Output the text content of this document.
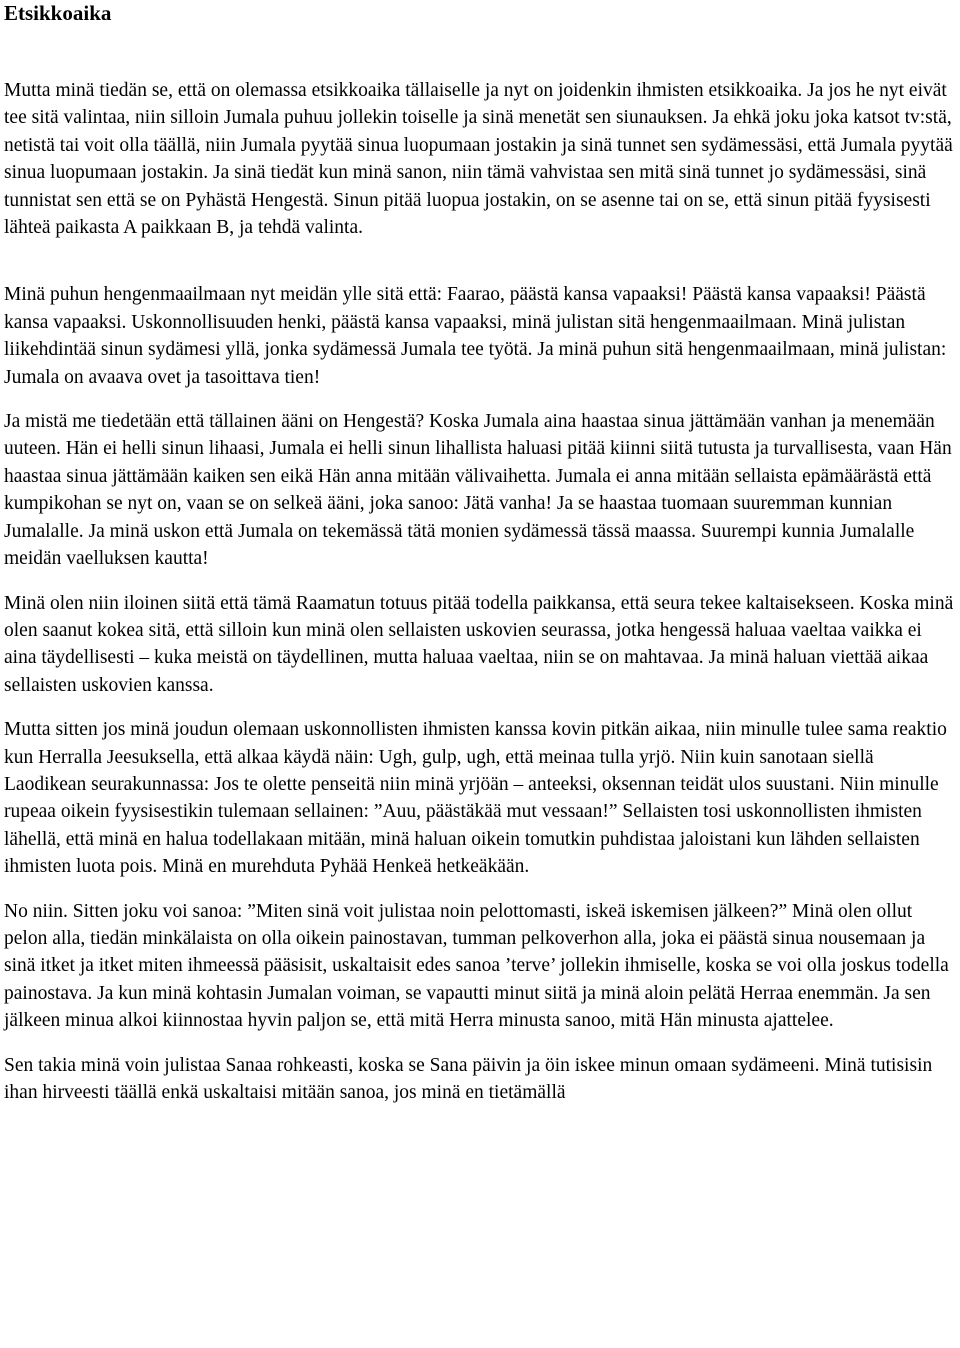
Etsikkoaika

Mutta minä tiedän se, että on olemassa etsikkoaika tällaiselle ja nyt on joidenkin ihmisten etsikkoaika. Ja jos he nyt eivät tee sitä valintaa, niin silloin Jumala puhuu jollekin toiselle ja sinä menetät sen siunauksen. Ja ehkä joku joka katsot tv:stä, netistä tai voit olla täällä, niin Jumala pyytää sinua luopumaan jostakin ja sinä tunnet sen sydämessäsi, että Jumala pyytää sinua luopumaan jostakin. Ja sinä tiedät kun minä sanon, niin tämä vahvistaa sen mitä sinä tunnet jo sydämessäsi, sinä tunnistat sen että se on Pyhästä Hengestä. Sinun pitää luopua jostakin, on se asenne tai on se, että sinun pitää fyysisesti lähteä paikasta A paikkaan B, ja tehdä valinta.

Minä puhun hengenmaailmaan nyt meidän ylle sitä että: Faarao, päästä kansa vapaaksi! Päästä kansa vapaaksi! Päästä kansa vapaaksi. Uskonnollisuuden henki, päästä kansa vapaaksi, minä julistan sitä hengenmaailmaan. Minä julistan liikehdintää sinun sydämesi yllä, jonka sydämessä Jumala tee työtä. Ja minä puhun sitä hengenmaailmaan, minä julistan: Jumala on avaava ovet ja tasoittava tien!

Ja mistä me tiedetään että tällainen ääni on Hengestä? Koska Jumala aina haastaa sinua jättämään vanhan ja menemään uuteen. Hän ei helli sinun lihaasi, Jumala ei helli sinun lihallista haluasi pitää kiinni siitä tutusta ja turvallisesta, vaan Hän haastaa sinua jättämään kaiken sen eikä Hän anna mitään välivaihetta. Jumala ei anna mitään sellaista epämäärästä että kumpikohan se nyt on, vaan se on selkeä ääni, joka sanoo: Jätä vanha! Ja se haastaa tuomaan suuremman kunnian Jumalalle. Ja minä uskon että Jumala on tekemässä tätä monien sydämessä tässä maassa. Suurempi kunnia Jumalalle meidän vaelluksen kautta!

Minä olen niin iloinen siitä että tämä Raamatun totuus pitää todella paikkansa, että seura tekee kaltaisekseen. Koska minä olen saanut kokea sitä, että silloin kun minä olen sellaisten uskovien seurassa, jotka hengessä haluaa vaeltaa vaikka ei aina täydellisesti – kuka meistä on täydellinen, mutta haluaa vaeltaa, niin se on mahtavaa. Ja minä haluan viettää aikaa sellaisten uskovien kanssa.

Mutta sitten jos minä joudun olemaan uskonnollisten ihmisten kanssa kovin pitkän aikaa, niin minulle tulee sama reaktio kun Herralla Jeesuksella, että alkaa käydä näin: Ugh, gulp, ugh, että meinaa tulla yrjö. Niin kuin sanotaan siellä Laodikean seurakunnassa: Jos te olette penseitä niin minä yrjöän – anteeksi, oksennan teidät ulos suustani. Niin minulle rupeaa oikein fyysisestikin tulemaan sellainen: ”Auu, päästäkää mut vessaan!” Sellaisten tosi uskonnollisten ihmisten lähellä, että minä en halua todellakaan mitään, minä haluan oikein tomutkin puhdistaa jaloistani kun lähden sellaisten ihmisten luota pois. Minä en murehduta Pyhää Henkeä hetkeäkään.

No niin. Sitten joku voi sanoa: ”Miten sinä voit julistaa noin pelottomasti, iskeä iskemisen jälkeen?” Minä olen ollut pelon alla, tiedän minkälaista on olla oikein painostavan, tumman pelkoverhon alla, joka ei päästä sinua nousemaan ja sinä itket ja itket miten ihmeessä pääsisit, uskaltaisit edes sanoa ’terve’ jollekin ihmiselle, koska se voi olla joskus todella painostava. Ja kun minä kohtasin Jumalan voiman, se vapautti minut siitä ja minä aloin pelätä Herraa enemmän. Ja sen jälkeen minua alkoi kiinnostaa hyvin paljon se, että mitä Herra minusta sanoo, mitä Hän minusta ajattelee.

Sen takia minä voin julistaa Sanaa rohkeasti, koska se Sana päivin ja öin iskee minun omaan sydämeeni. Minä tutisisin ihan hirveesti täällä enkä uskaltaisi mitään sanoa, jos minä en tietämällä
